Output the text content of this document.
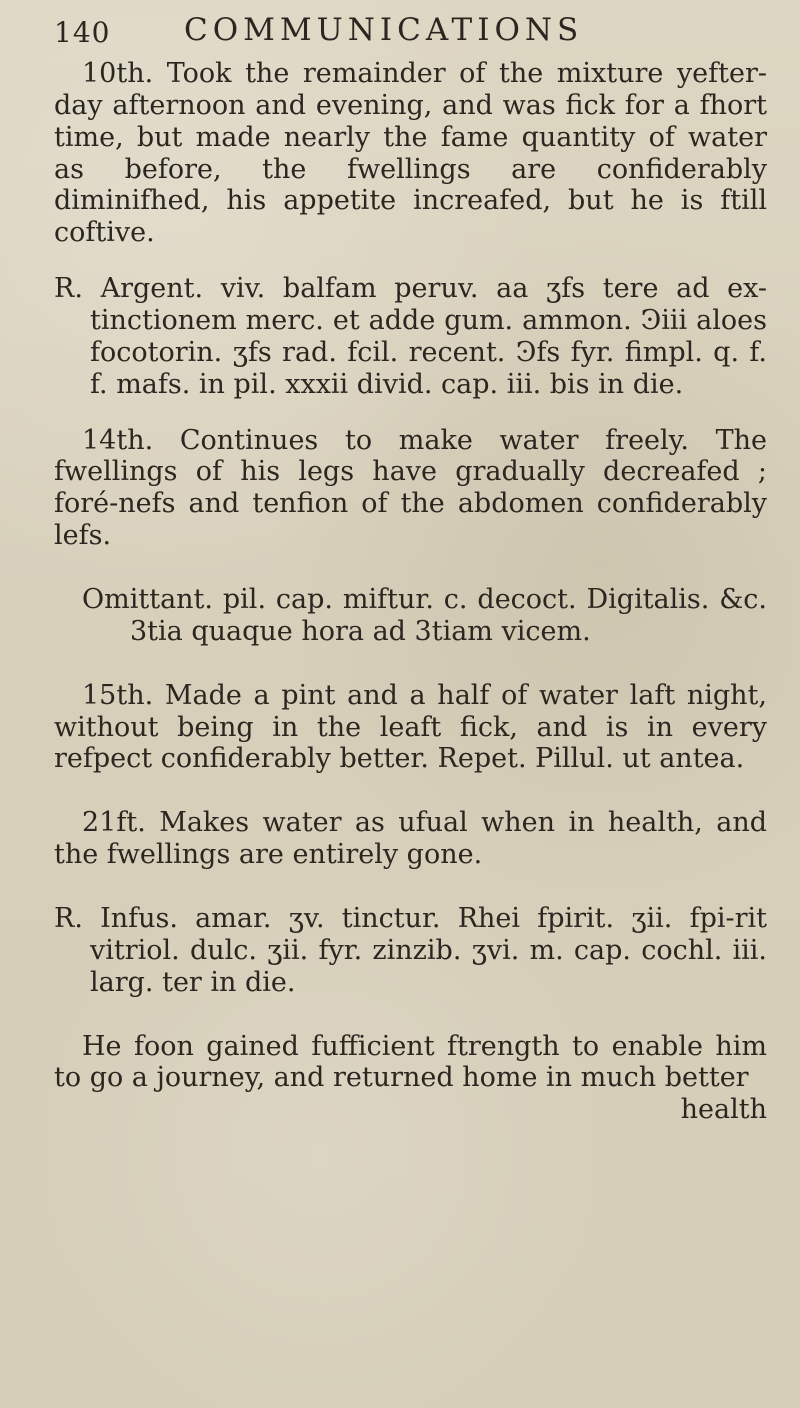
140 COMMUNICATIONS

10th. Took the remainder of the mixture yefter-day afternoon and evening, and was fick for a fhort time, but made nearly the fame quantity of water as before, the fwellings are confiderably diminifhed, his appetite increafed, but he is ftill coftive.

R. Argent. viv. balfam peruv. aa ʒfs tere ad ex-tinctionem merc. et adde gum. ammon. Ͽiii aloes focotorin. ʒfs rad. fcil. recent. Ͽfs fyr. fimpl. q. f. f. mafs. in pil. xxxii divid. cap. iii. bis in die.

14th. Continues to make water freely. The fwellings of his legs have gradually decreafed ; foré-nefs and tenfion of the abdomen confiderably lefs.

Omittant. pil. cap. miftur. c. decoct. Digitalis. &c. 3tia quaque hora ad 3tiam vicem.

15th. Made a pint and a half of water laft night, without being in the leaft fick, and is in every refpect confiderably better. Repet. Pillul. ut antea.

21ft. Makes water as ufual when in health, and the fwellings are entirely gone.

R. Infus. amar. ʒv. tinctur. Rhei fpirit. ʒii. fpi-rit vitriol. dulc. ʒii. fyr. zinzib. ʒvi. m. cap. cochl. iii. larg. ter in die.

He foon gained fufficient ftrength to enable him to go a journey, and returned home in much better

health
